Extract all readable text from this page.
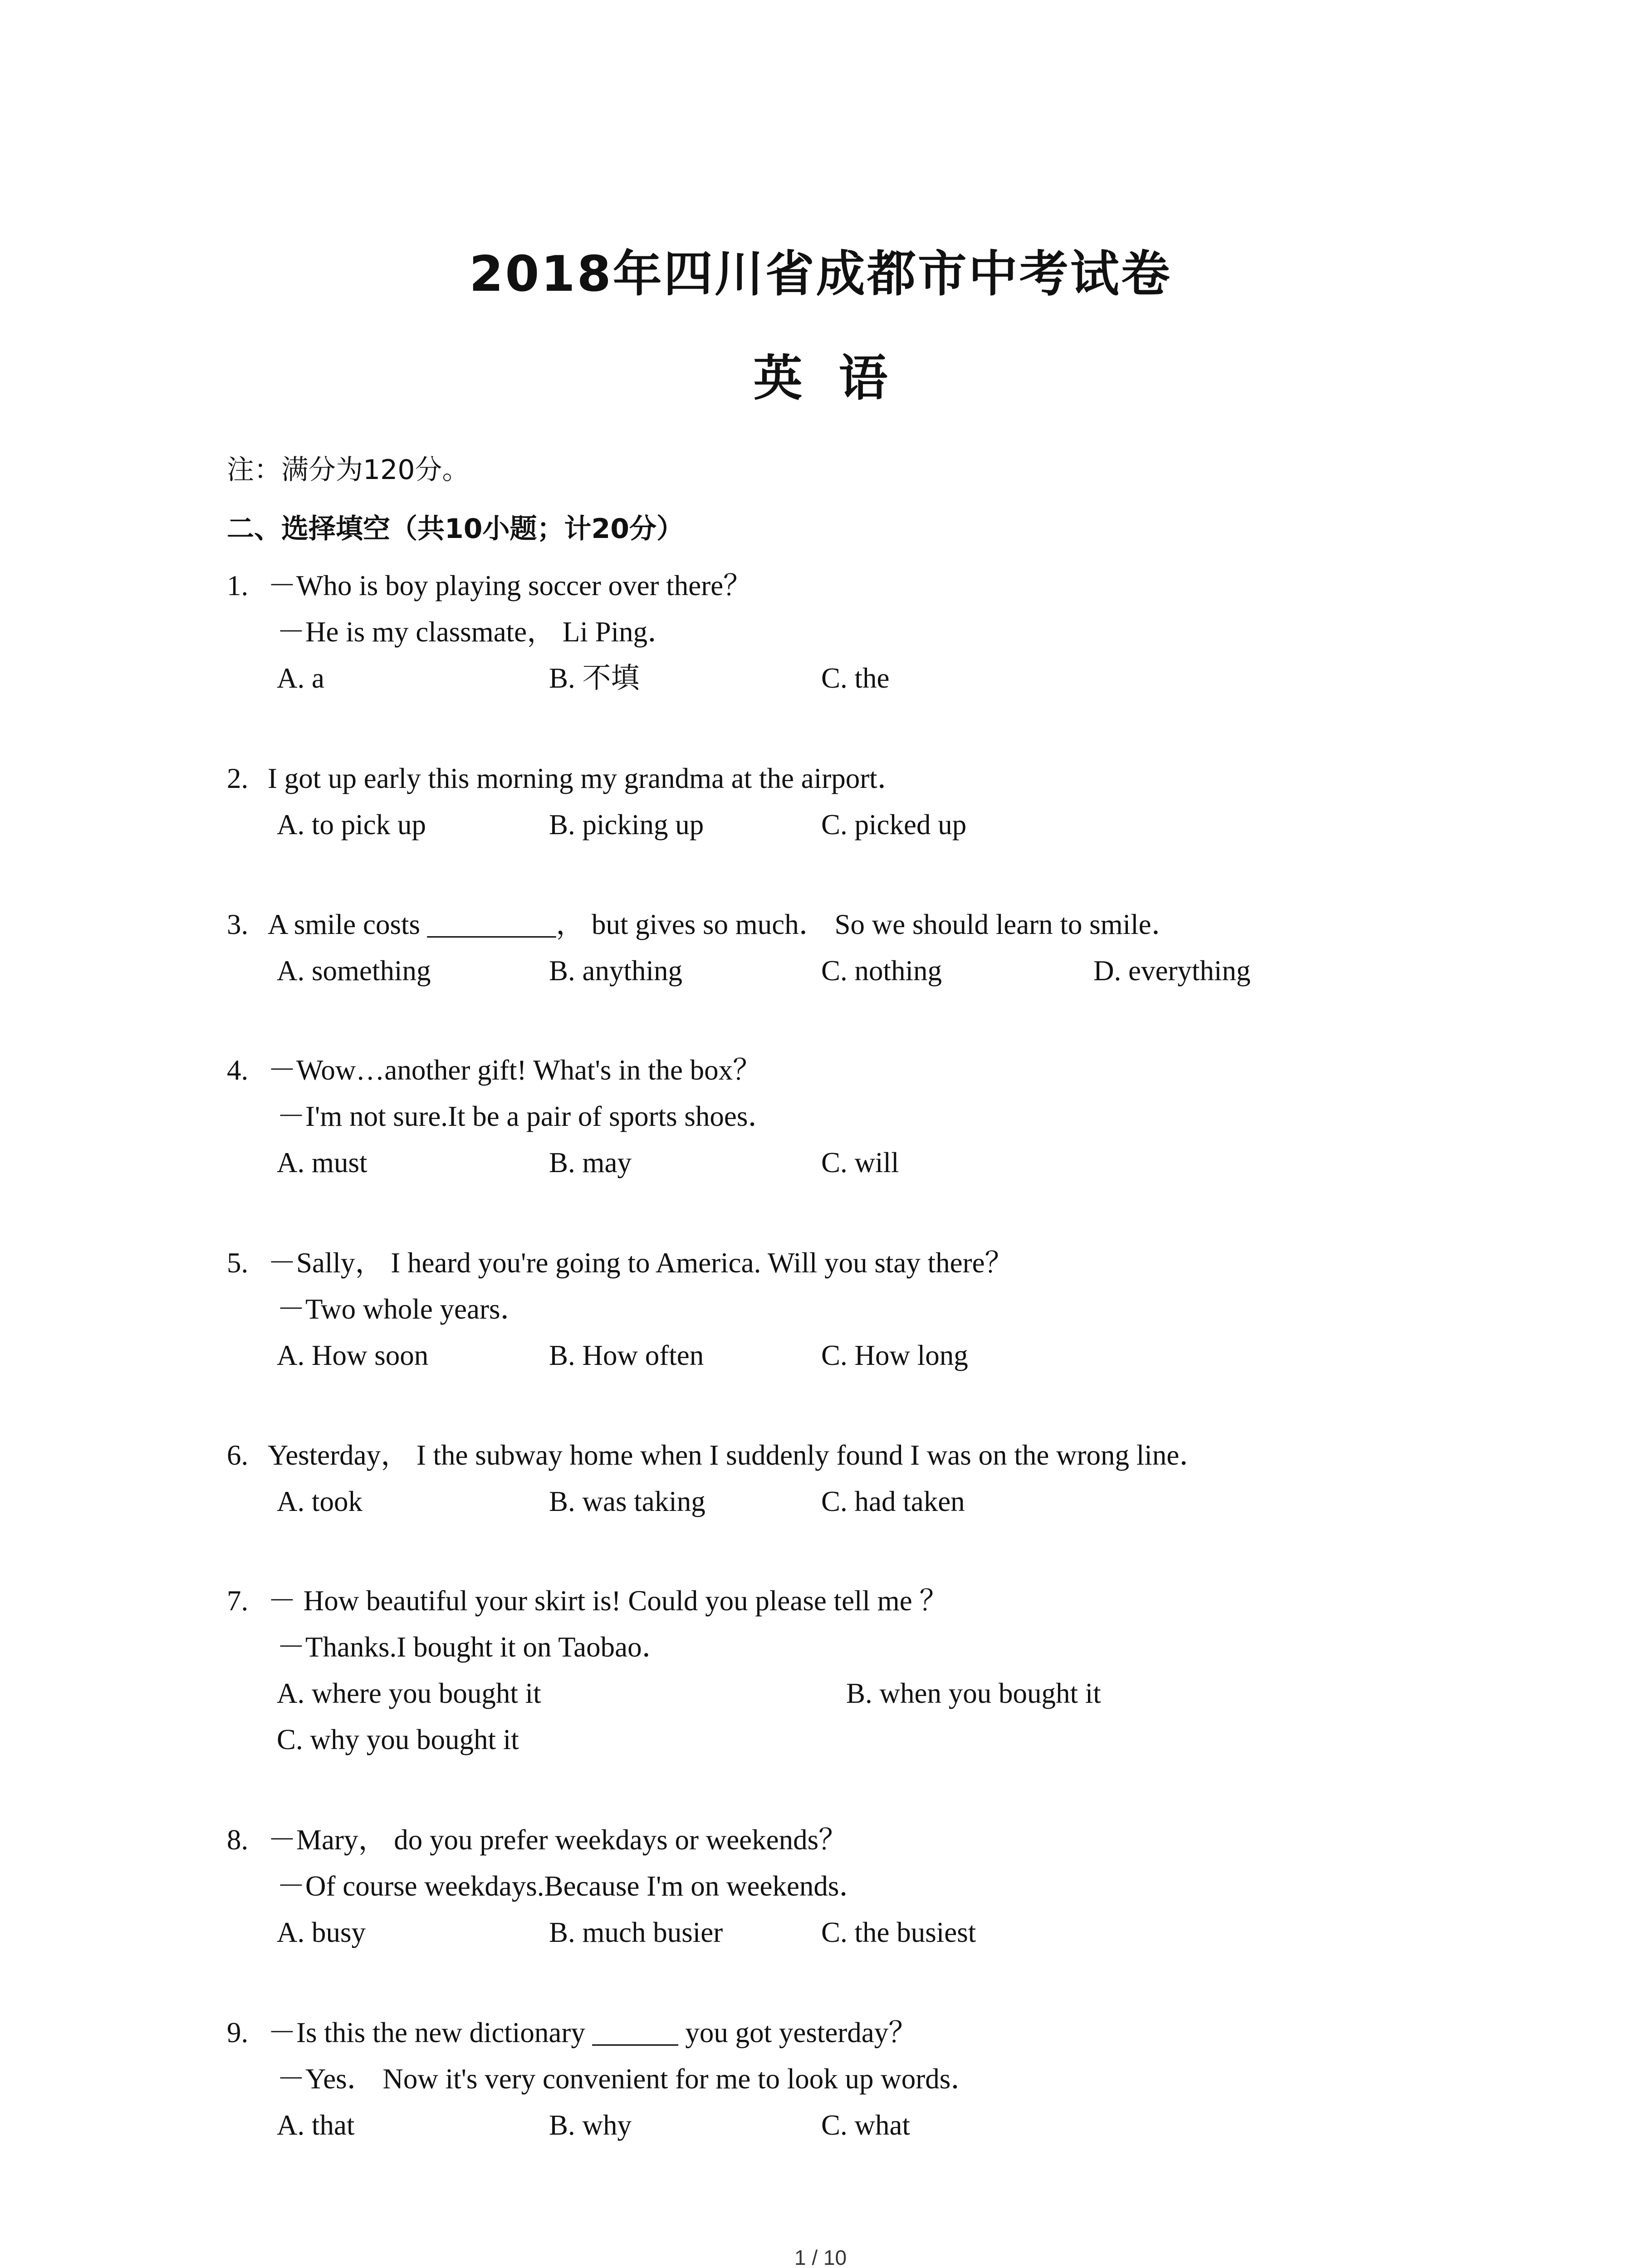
2018年四川省成都市中考试卷
英语
注：满分为120分。
二、选择填空（共10小题；计20分）
1. －Who is boy playing soccer over there？
－He is my classmate， Li Ping．
A. a	B. 不填	C. the
2. I got up early this morning my grandma at the airport．
A. to pick up	B. picking up	C. picked up
3. A smile costs _________， but gives so much． So we should learn to smile．
A. something	B. anything	C. nothing	D. everything
4. －Wow…another gift! What's in the box？
－I'm not sure.It be a pair of sports shoes．
A. must	B. may	C. will
5. －Sally， I heard you're going to America. Will you stay there？
－Two whole years．
A. How soon	B. How often	C. How long
6. Yesterday， I the subway home when I suddenly found I was on the wrong line．
A. took	B. was taking	C. had taken
7. － How beautiful your skirt is! Could you please tell me ？
－Thanks.I bought it on Taobao．
A. where you bought it	B. when you bought it
C. why you bought it
8. －Mary， do you prefer weekdays or weekends？
－Of course weekdays.Because I'm on weekends．
A. busy	B. much busier	C. the busiest
9. －Is this the new dictionary ______ you got yesterday？
－Yes． Now it's very convenient for me to look up words．
A. that	B. why	C. what
1 / 10
